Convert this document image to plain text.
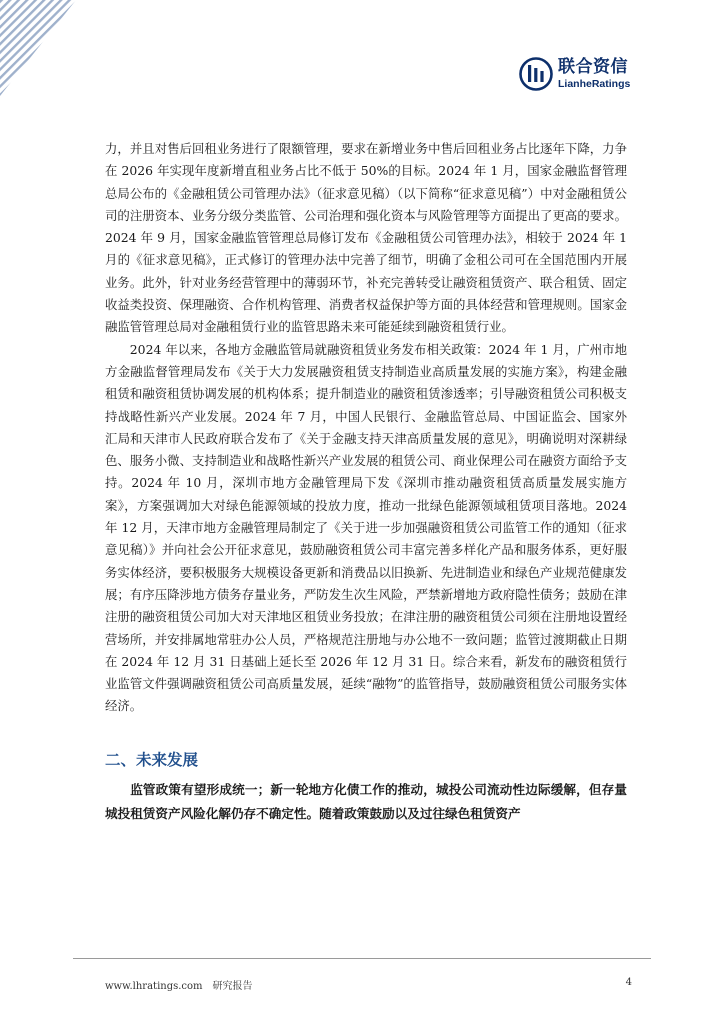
联合资信
LianheRatings

力，并且对售后回租业务进行了限额管理，要求在新增业务中售后回租业务占比逐年下降，力争在 2026 年实现年度新增直租业务占比不低于 50%的目标。2024 年 1 月，国家金融监督管理总局公布的《金融租赁公司管理办法》（征求意见稿）（以下简称“征求意见稿”）中对金融租赁公司的注册资本、业务分级分类监管、公司治理和强化资本与风险管理等方面提出了更高的要求。2024 年 9 月，国家金融监管管理总局修订发布《金融租赁公司管理办法》，相较于 2024 年 1 月的《征求意见稿》，正式修订的管理办法中完善了细节，明确了金租公司可在全国范围内开展业务。此外，针对业务经营管理中的薄弱环节，补充完善转受让融资租赁资产、联合租赁、固定收益类投资、保理融资、合作机构管理、消费者权益保护等方面的具体经营和管理规则。国家金融监管管理总局对金融租赁行业的监管思路未来可能延续到融资租赁行业。

2024 年以来，各地方金融监管局就融资租赁业务发布相关政策：2024 年 1 月，广州市地方金融监督管理局发布《关于大力发展融资租赁支持制造业高质量发展的实施方案》，构建金融租赁和融资租赁协调发展的机构体系；提升制造业的融资租赁渗透率；引导融资租赁公司积极支持战略性新兴产业发展。2024 年 7 月，中国人民银行、金融监管总局、中国证监会、国家外汇局和天津市人民政府联合发布了《关于金融支持天津高质量发展的意见》，明确说明对深耕绿色、服务小微、支持制造业和战略性新兴产业发展的租赁公司、商业保理公司在融资方面给予支持。2024 年 10 月，深圳市地方金融管理局下发《深圳市推动融资租赁高质量发展实施方案》，方案强调加大对绿色能源领域的投放力度，推动一批绿色能源领域租赁项目落地。2024 年 12 月，天津市地方金融管理局制定了《关于进一步加强融资租赁公司监管工作的通知（征求意见稿）》并向社会公开征求意见，鼓励融资租赁公司丰富完善多样化产品和服务体系，更好服务实体经济，要积极服务大规模设备更新和消费品以旧换新、先进制造业和绿色产业规范健康发展；有序压降涉地方债务存量业务，严防发生次生风险，严禁新增地方政府隐性债务；鼓励在津注册的融资租赁公司加大对天津地区租赁业务投放；在津注册的融资租赁公司须在注册地设置经营场所，并安排属地常驻办公人员，严格规范注册地与办公地不一致问题；监管过渡期截止日期在 2024 年 12 月 31 日基础上延长至 2026 年 12 月 31 日。综合来看，新发布的融资租赁行业监管文件强调融资租赁公司高质量发展，延续“融物”的监管指导，鼓励融资租赁公司服务实体经济。

二、未来发展

监管政策有望形成统一；新一轮地方化债工作的推动，城投公司流动性边际缓解，但存量城投租赁资产风险化解仍存不确定性。随着政策鼓励以及过往绿色租赁资产

www.lhratings.com 研究报告	4
